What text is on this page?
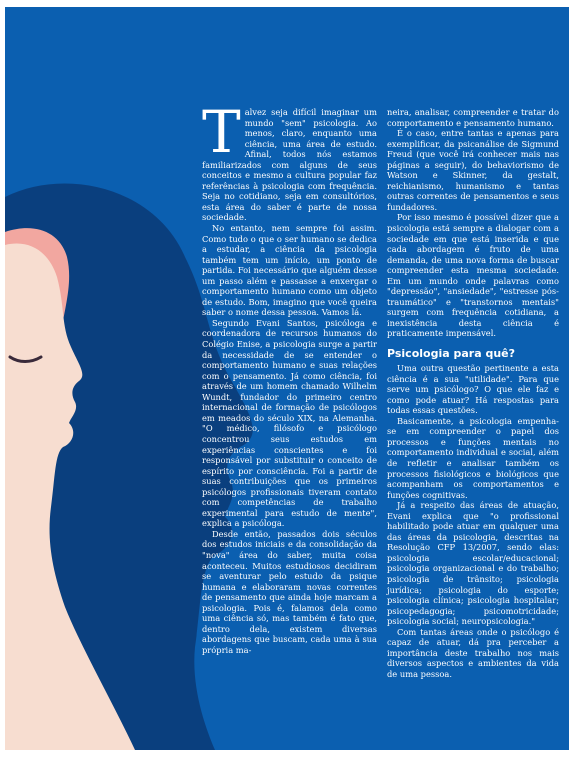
Talvez seja difícil imaginar um mundo "sem" psicologia. Ao menos, claro, enquanto uma ciência, uma área de estudo. Afinal, todos nós estamos familiarizados com alguns de seus conceitos e mesmo a cultura popular faz referências à psicologia com frequência. Seja no cotidiano, seja em consultórios, esta área do saber é parte de nossa sociedade.

No entanto, nem sempre foi assim. Como tudo o que o ser humano se dedica a estudar, a ciência da psicologia também tem um início, um ponto de partida. Foi necessário que alguém desse um passo além e passasse a enxergar o comportamento humano como um objeto de estudo. Bom, imagino que você queira saber o nome dessa pessoa. Vamos lá.

Segundo Evani Santos, psicóloga e coordenadora de recursos humanos do Colégio Enise, a psicologia surge a partir da necessidade de se entender o comportamento humano e suas relações com o pensamento. Já como ciência, foi através de um homem chamado Wilhelm Wundt, fundador do primeiro centro internacional de formação de psicólogos em meados do século XIX, na Alemanha. "O médico, filósofo e psicólogo concentrou seus estudos em experiências conscientes e foi responsável por substituir o conceito de espírito por consciência. Foi a partir de suas contribuições que os primeiros psicólogos profissionais tiveram contato com competências de trabalho experimental para estudo de mente", explica a psicóloga.

Desde então, passados dois séculos dos estudos iniciais e da consolidação da "nova" área do saber, muita coisa aconteceu. Muitos estudiosos decidiram se aventurar pelo estudo da psique humana e elaboraram novas correntes de pensamento que ainda hoje marcam a psicologia. Pois é, falamos dela como uma ciência só, mas também é fato que, dentro dela, existem diversas abordagens que buscam, cada uma à sua própria ma-

neira, analisar, compreender e tratar do comportamento e pensamento humano.

É o caso, entre tantas e apenas para exemplificar, da psicanálise de Sigmund Freud (que você irá conhecer mais nas páginas a seguir), do behaviorismo de Watson e Skinner, da gestalt, reichianismo, humanismo e tantas outras correntes de pensamentos e seus fundadores.

Por isso mesmo é possível dizer que a psicologia está sempre a dialogar com a sociedade em que está inserida e que cada abordagem é fruto de uma demanda, de uma nova forma de buscar compreender esta mesma sociedade. Em um mundo onde palavras como "depressão", "ansiedade", "estresse pós-traumático" e "transtornos mentais" surgem com frequência cotidiana, a inexistência desta ciência é praticamente impensável.

Psicologia para quê?

Uma outra questão pertinente a esta ciência é a sua "utilidade". Para que serve um psicólogo? O que ele faz e como pode atuar? Há respostas para todas essas questões.

Basicamente, a psicologia empenha-se em compreender o papel dos processos e funções mentais no comportamento individual e social, além de refletir e analisar também os processos fisiológicos e biológicos que acompanham os comportamentos e funções cognitivas.

Já a respeito das áreas de atuação, Evani explica que "o profissional habilitado pode atuar em qualquer uma das áreas da psicologia, descritas na Resolução CFP 13/2007, sendo elas: psicologia escolar/educacional; psicologia organizacional e do trabalho; psicologia de trânsito; psicologia jurídica; psicologia do esporte; psicologia clínica; psicologia hospitalar; psicopedagogia; psicomotricidade; psicologia social; neuropsicologia."

Com tantas áreas onde o psicólogo é capaz de atuar, dá pra perceber a importância deste trabalho nos mais diversos aspectos e ambientes da vida de uma pessoa.
